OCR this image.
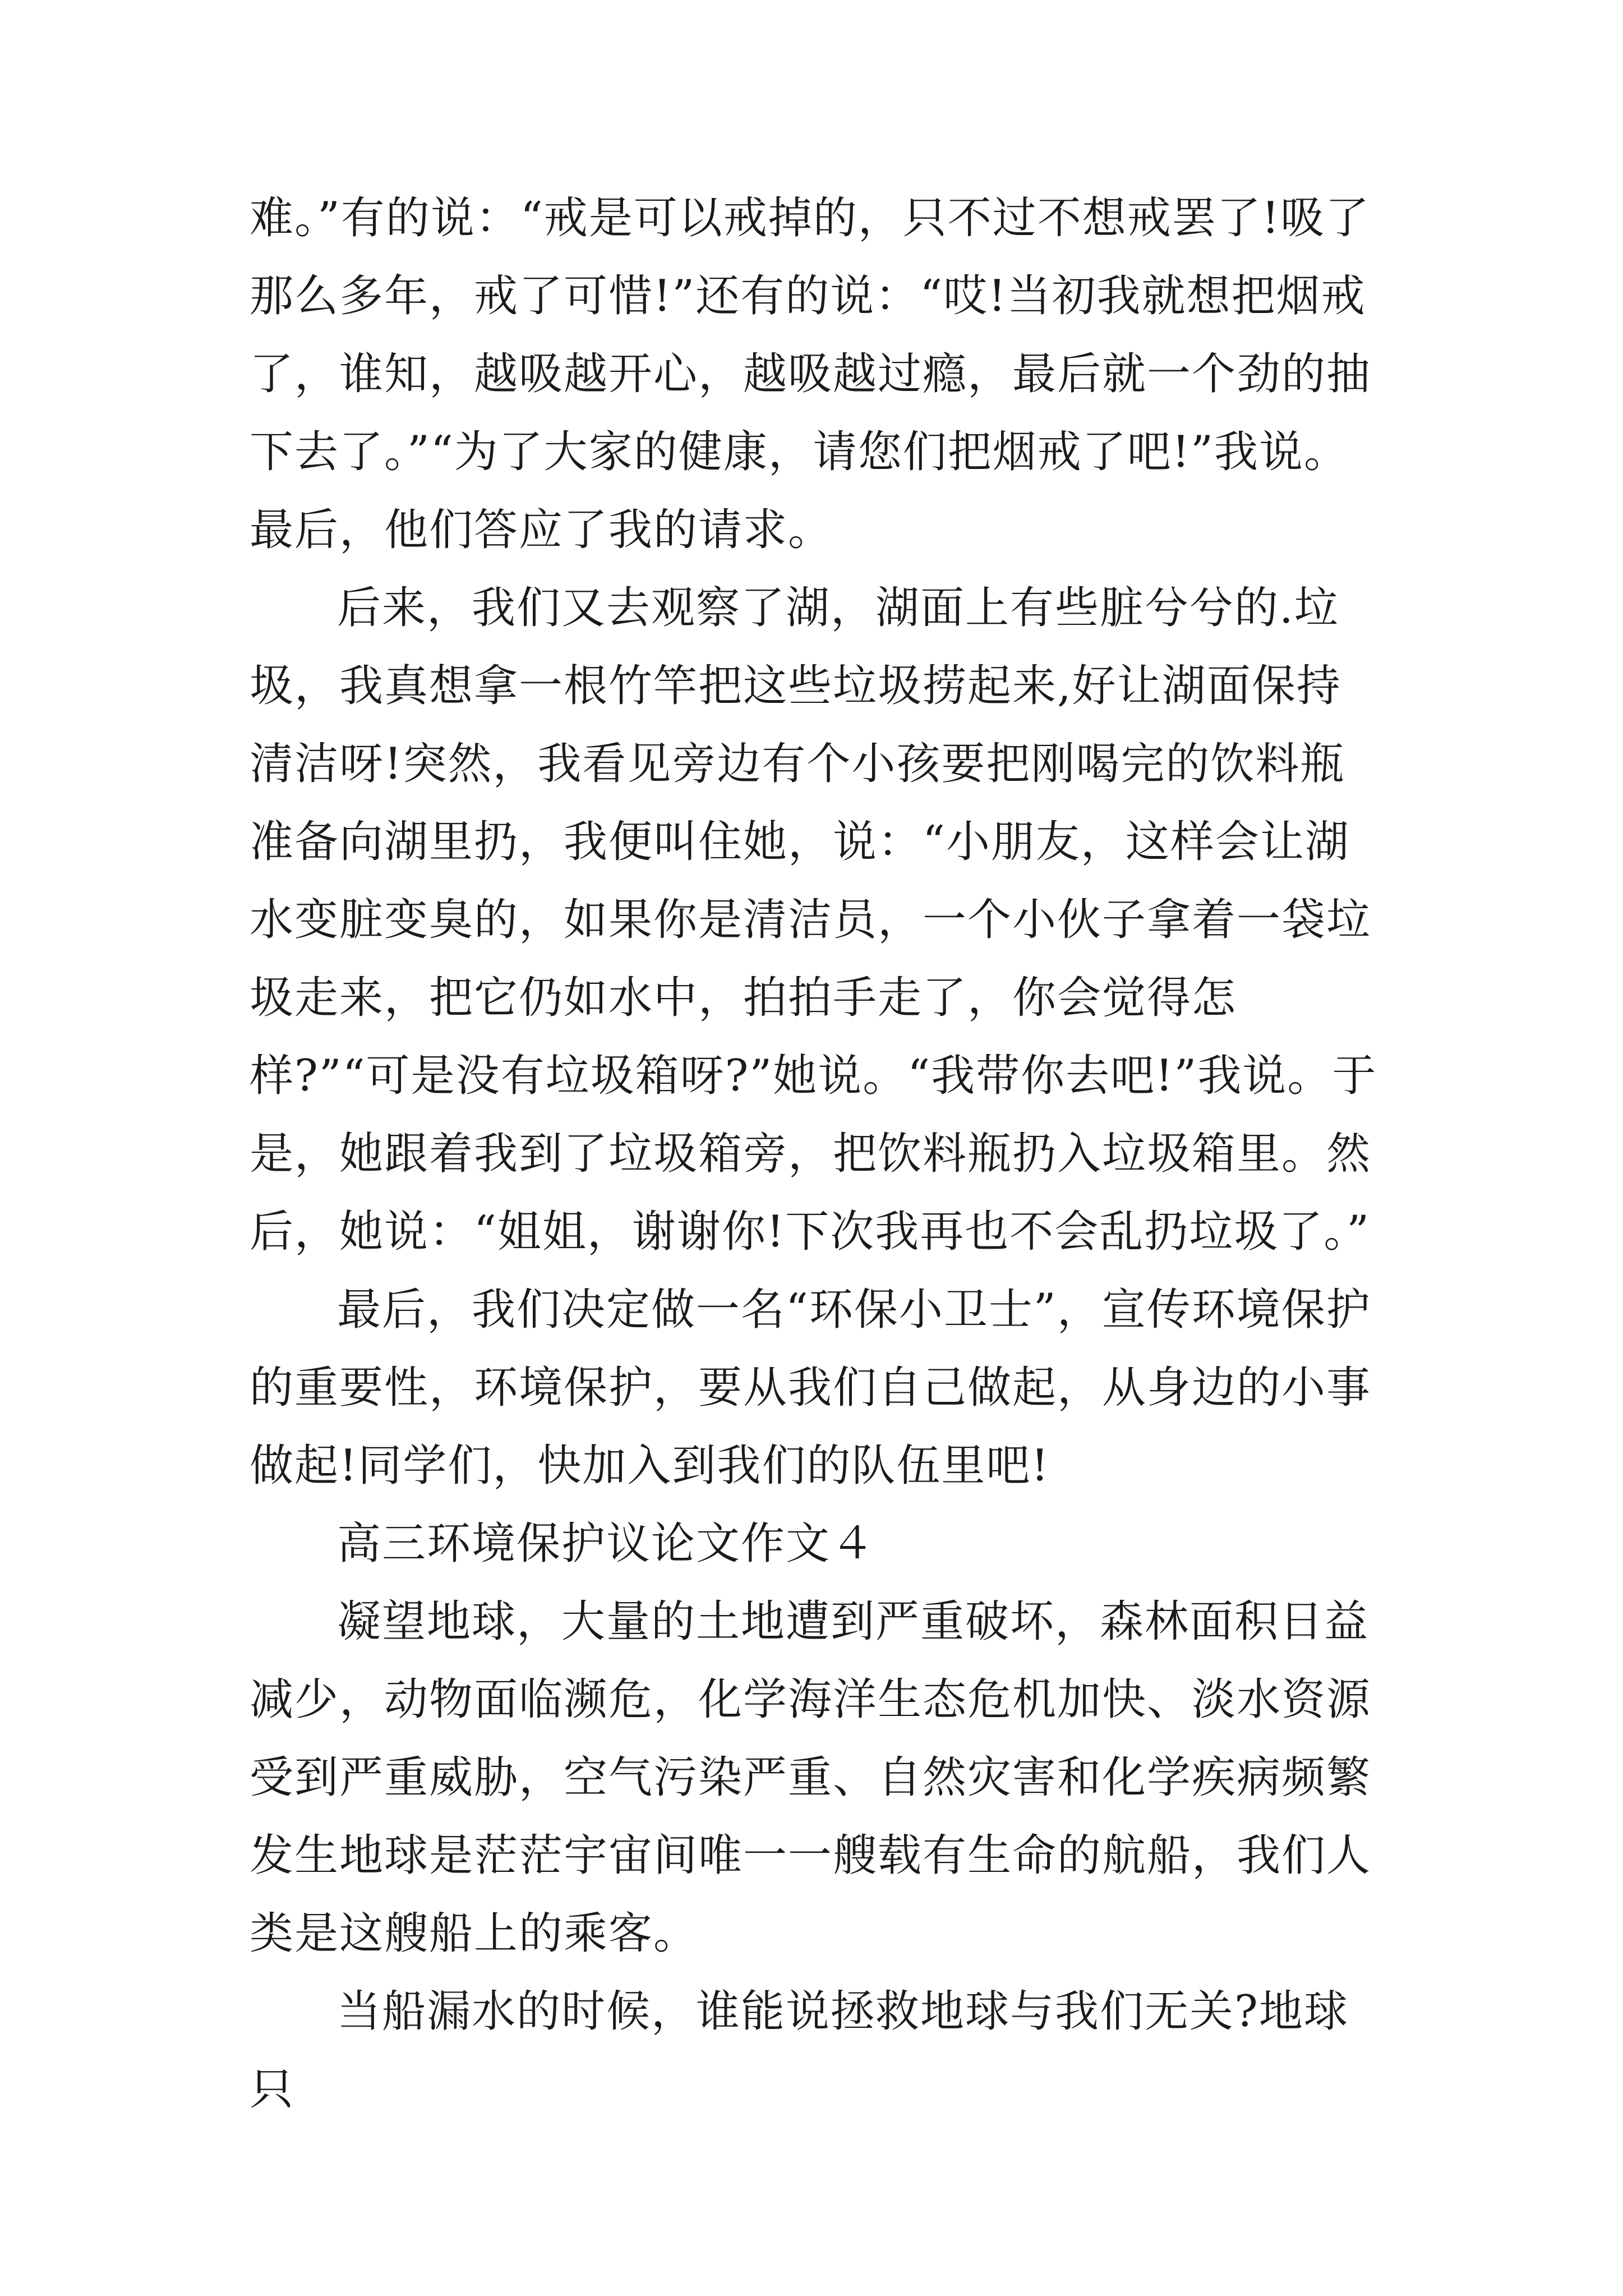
难。”有的说：“戒是可以戒掉的，只不过不想戒罢了!吸了那么多年，戒了可惜!”还有的说：“哎!当初我就想把烟戒了，谁知，越吸越开心，越吸越过瘾，最后就一个劲的抽下去了。”“为了大家的健康，请您们把烟戒了吧!”我说。最后，他们答应了我的请求。

后来，我们又去观察了湖，湖面上有些脏兮兮的.垃圾，我真想拿一根竹竿把这些垃圾捞起来,好让湖面保持清洁呀!突然，我看见旁边有个小孩要把刚喝完的饮料瓶准备向湖里扔，我便叫住她，说：“小朋友，这样会让湖水变脏变臭的，如果你是清洁员，一个小伙子拿着一袋垃圾走来，把它仍如水中，拍拍手走了，你会觉得怎样?”“可是没有垃圾箱呀?”她说。“我带你去吧!”我说。于是，她跟着我到了垃圾箱旁，把饮料瓶扔入垃圾箱里。然后，她说：“姐姐，谢谢你!下次我再也不会乱扔垃圾了。”

最后，我们决定做一名“环保小卫士”，宣传环境保护的重要性，环境保护，要从我们自己做起，从身边的小事做起!同学们，快加入到我们的队伍里吧!

高三环境保护议论文作文４

凝望地球，大量的土地遭到严重破坏，森林面积日益减少，动物面临濒危，化学海洋生态危机加快、淡水资源受到严重威胁，空气污染严重、自然灾害和化学疾病频繁发生地球是茫茫宇宙间唯一一艘载有生命的航船，我们人类是这艘船上的乘客。

当船漏水的时候，谁能说拯救地球与我们无关?地球只
